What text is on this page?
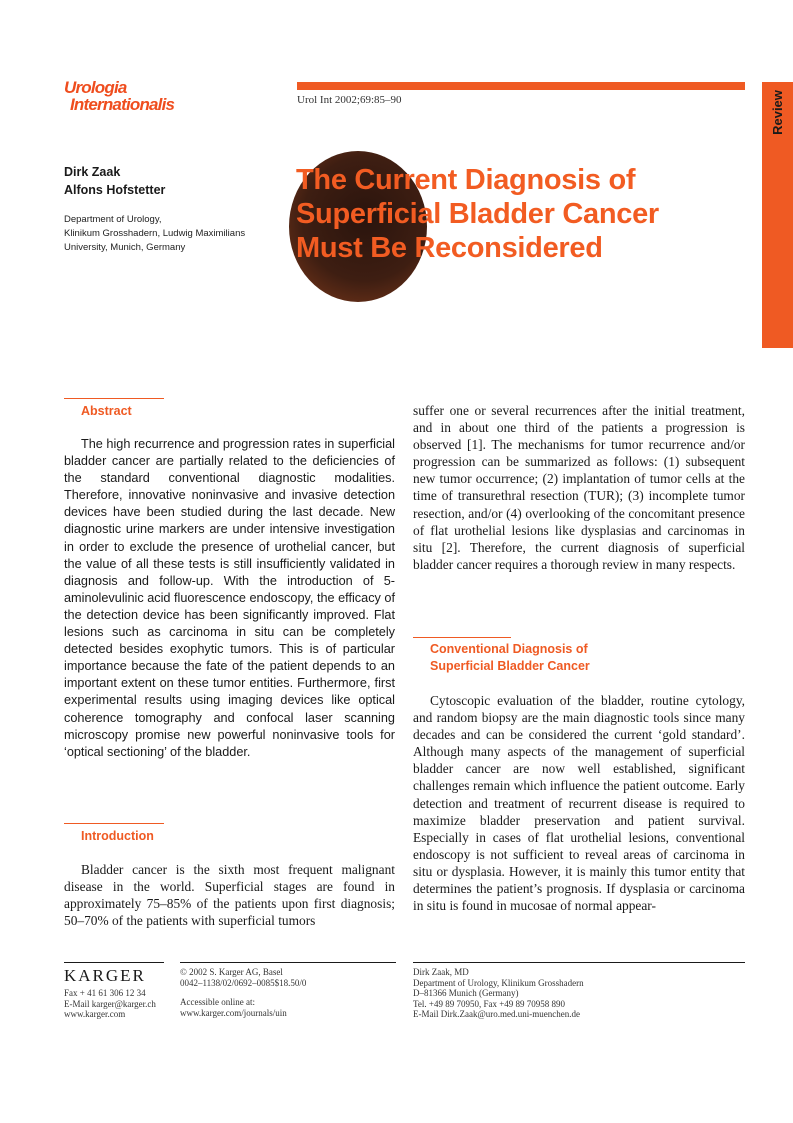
Urologia
Internationalis	Urol Int 2002;69:85–90	Review
Dirk Zaak
Alfons Hofstetter
Department of Urology,
Klinikum Grosshadern, Ludwig Maximilians
University, Munich, Germany
The Current Diagnosis of
Superficial Bladder Cancer
Must Be Reconsidered
Abstract

The high recurrence and progression rates in superficial bladder cancer are partially related to the deficiencies of the standard conventional diagnostic modalities. Therefore, innovative noninvasive and invasive detection devices have been studied during the last decade. New diagnostic urine markers are under intensive investigation in order to exclude the presence of urothelial cancer, but the value of all these tests is still insufficiently validated in diagnosis and follow-up. With the introduction of 5-aminolevulinic acid fluorescence endoscopy, the efficacy of the detection device has been significantly improved. Flat lesions such as carcinoma in situ can be completely detected besides exophytic tumors. This is of particular importance because the fate of the patient depends to an important extent on these tumor entities. Furthermore, first experimental results using imaging devices like optical coherence tomography and confocal laser scanning microscopy promise new powerful noninvasive tools for ‘optical sectioning’ of the bladder.

Introduction

Bladder cancer is the sixth most frequent malignant disease in the world. Superficial stages are found in approximately 75–85% of the patients upon first diagnosis; 50–70% of the patients with superficial tumors

suffer one or several recurrences after the initial treatment, and in about one third of the patients a progression is observed [1]. The mechanisms for tumor recurrence and/or progression can be summarized as follows: (1) subsequent new tumor occurrence; (2) implantation of tumor cells at the time of transurethral resection (TUR); (3) incomplete tumor resection, and/or (4) overlooking of the concomitant presence of flat urothelial lesions like dysplasias and carcinomas in situ [2]. Therefore, the current diagnosis of superficial bladder cancer requires a thorough review in many respects.

Conventional Diagnosis of
Superficial Bladder Cancer

Cytoscopic evaluation of the bladder, routine cytology, and random biopsy are the main diagnostic tools since many decades and can be considered the current ‘gold standard’. Although many aspects of the management of superficial bladder cancer are now well established, significant challenges remain which influence the patient outcome. Early detection and treatment of recurrent disease is required to maximize bladder preservation and patient survival. Especially in cases of flat urothelial lesions, conventional endoscopy is not sufficient to reveal areas of carcinoma in situ or dysplasia. However, it is mainly this tumor entity that determines the patient’s prognosis. If dysplasia or carcinoma in situ is found in mucosae of normal appear-

KARGER
Fax + 41 61 306 12 34
E-Mail karger@karger.ch
www.karger.com
© 2002 S. Karger AG, Basel
0042–1138/02/0692–0085$18.50/0
Accessible online at:
www.karger.com/journals/uin
Dirk Zaak, MD
Department of Urology, Klinikum Grosshadern
D–81366 Munich (Germany)
Tel. +49 89 70950, Fax +49 89 70958 890
E-Mail Dirk.Zaak@uro.med.uni-muenchen.de
